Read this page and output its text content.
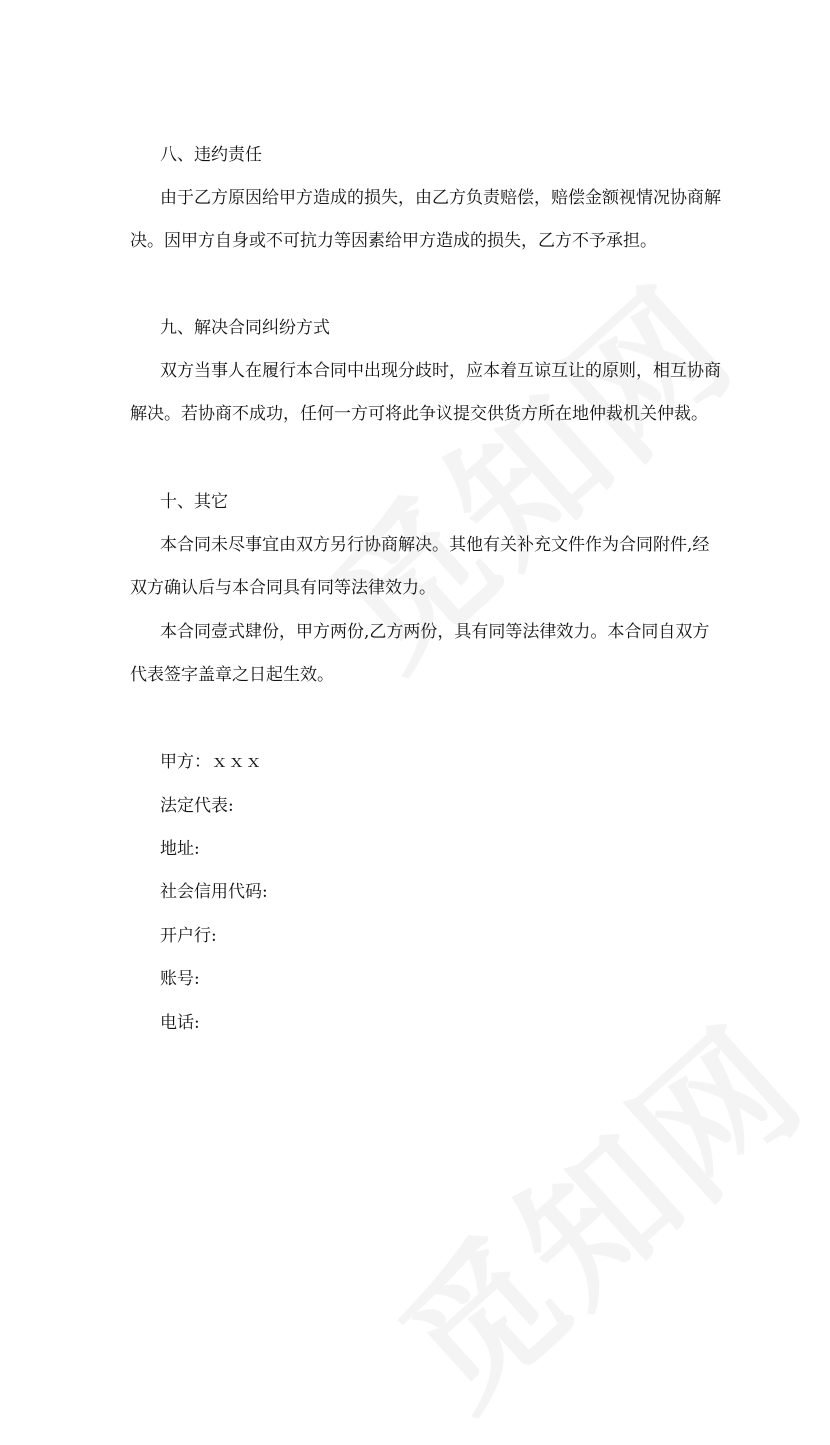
八、违约责任
由于乙方原因给甲方造成的损失，由乙方负责赔偿，赔偿金额视情况协商解
决。因甲方自身或不可抗力等因素给甲方造成的损失，乙方不予承担。
九、解决合同纠纷方式
双方当事人在履行本合同中出现分歧时，应本着互谅互让的原则，相互协商
解决。若协商不成功，任何一方可将此争议提交供货方所在地仲裁机关仲裁。
十、其它
本合同未尽事宜由双方另行协商解决。其他有关补充文件作为合同附件,经
双方确认后与本合同具有同等法律效力。
本合同壹式肆份，甲方两份,乙方两份，具有同等法律效力。本合同自双方
代表签字盖章之日起生效。
甲方：ｘｘｘ
法定代表:
地址:
社会信用代码:
开户行:
账号:
电话:
